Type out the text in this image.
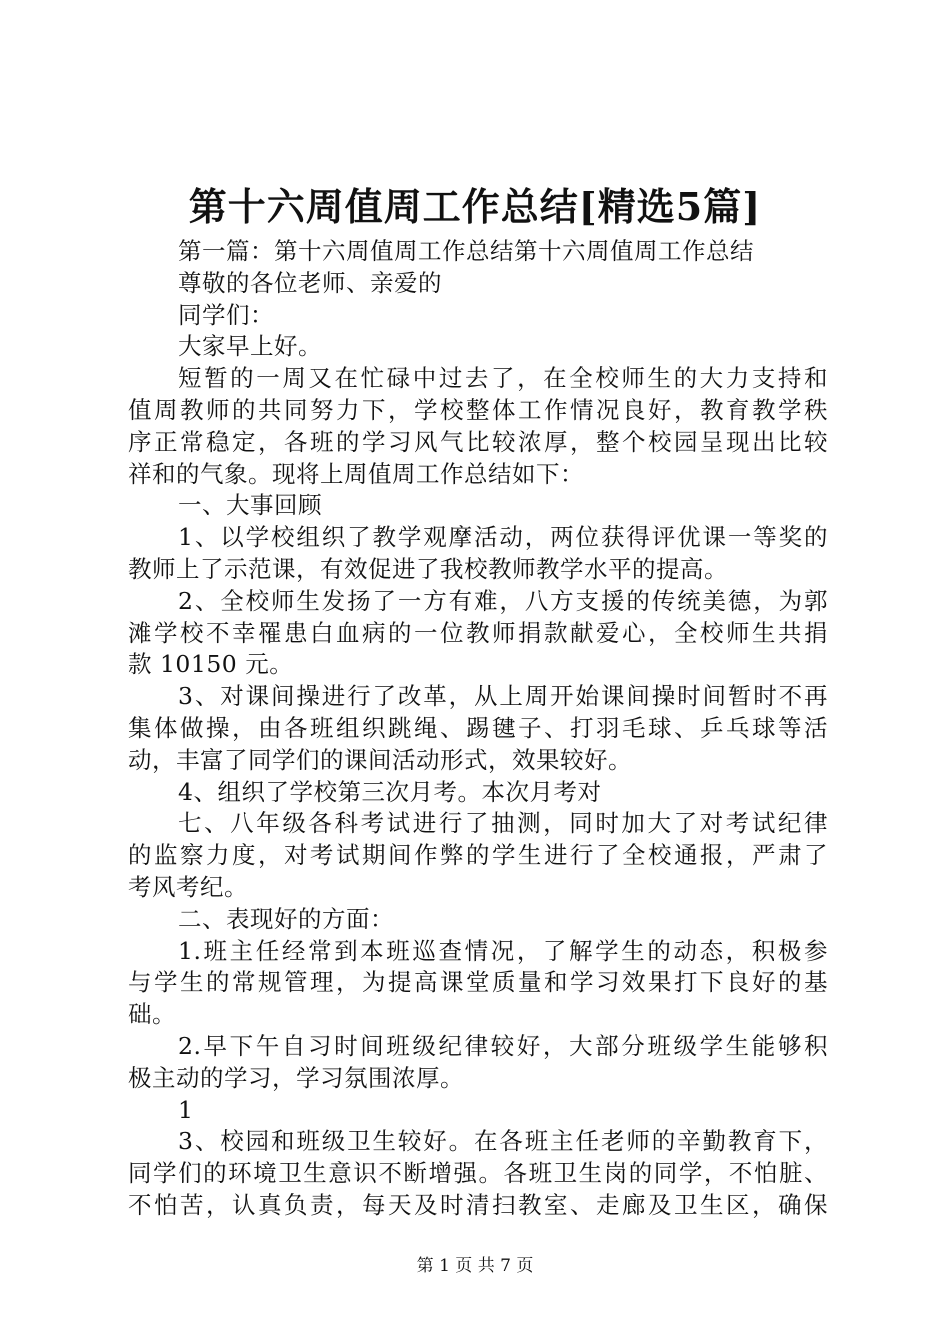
第十六周值周工作总结[精选5篇]
第一篇：第十六周值周工作总结第十六周值周工作总结
尊敬的各位老师、亲爱的
同学们：
大家早上好。
短暂的一周又在忙碌中过去了，在全校师生的大力支持和
值周教师的共同努力下，学校整体工作情况良好，教育教学秩
序正常稳定，各班的学习风气比较浓厚，整个校园呈现出比较
祥和的气象。现将上周值周工作总结如下：
一、大事回顾
1、以学校组织了教学观摩活动，两位获得评优课一等奖的
教师上了示范课，有效促进了我校教师教学水平的提高。
2、全校师生发扬了一方有难，八方支援的传统美德，为郭
滩学校不幸罹患白血病的一位教师捐款献爱心，全校师生共捐
款 10150 元。
3、对课间操进行了改革，从上周开始课间操时间暂时不再
集体做操，由各班组织跳绳、踢毽子、打羽毛球、乒乓球等活
动，丰富了同学们的课间活动形式，效果较好。
4、组织了学校第三次月考。本次月考对
七、八年级各科考试进行了抽测，同时加大了对考试纪律
的监察力度，对考试期间作弊的学生进行了全校通报，严肃了
考风考纪。
二、表现好的方面：
1.班主任经常到本班巡查情况，了解学生的动态，积极参
与学生的常规管理，为提高课堂质量和学习效果打下良好的基
础。
2.早下午自习时间班级纪律较好，大部分班级学生能够积
极主动的学习，学习氛围浓厚。
1
3、校园和班级卫生较好。在各班主任老师的辛勤教育下，
同学们的环境卫生意识不断增强。各班卫生岗的同学，不怕脏、
不怕苦，认真负责，每天及时清扫教室、走廊及卫生区，确保
第 1 页 共 7 页
